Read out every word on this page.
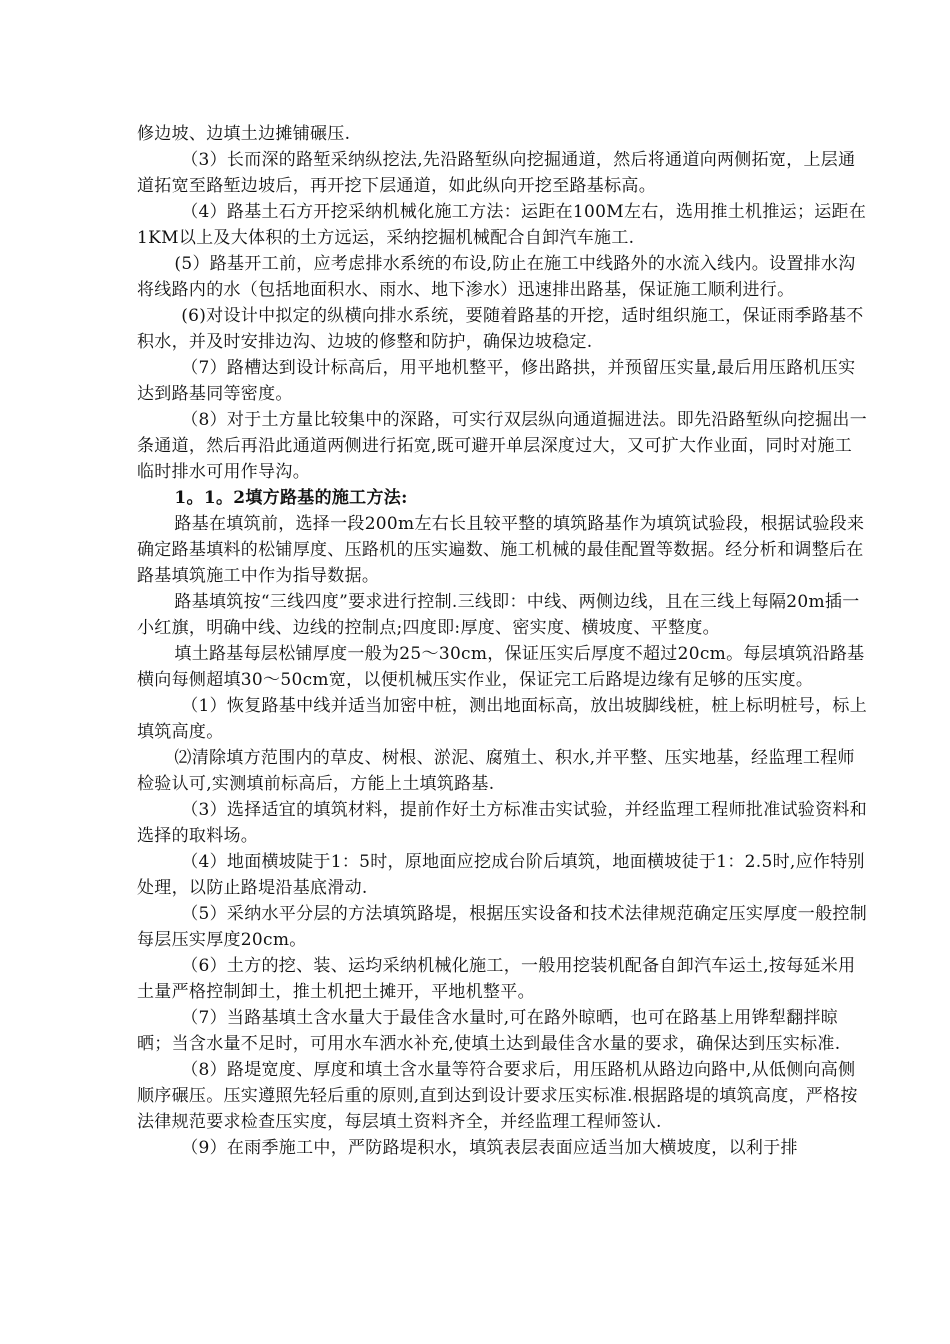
修边坡、边填土边摊铺碾压.

（3）长而深的路堑采纳纵挖法,先沿路堑纵向挖掘通道，然后将通道向两侧拓宽，上层通道拓宽至路堑边坡后，再开挖下层通道，如此纵向开挖至路基标高。

（4）路基土石方开挖采纳机械化施工方法：运距在100M左右，选用推土机推运；运距在1KM以上及大体积的土方远运，采纳挖掘机械配合自卸汽车施工.

(5）路基开工前，应考虑排水系统的布设,防止在施工中线路外的水流入线内。设置排水沟将线路内的水（包括地面积水、雨水、地下渗水）迅速排出路基，保证施工顺利进行。

(6)对设计中拟定的纵横向排水系统，要随着路基的开挖，适时组织施工，保证雨季路基不积水，并及时安排边沟、边坡的修整和防护，确保边坡稳定.

（7）路槽达到设计标高后，用平地机整平，修出路拱，并预留压实量,最后用压路机压实达到路基同等密度。

（8）对于土方量比较集中的深路，可实行双层纵向通道掘进法。即先沿路堑纵向挖掘出一条通道，然后再沿此通道两侧进行拓宽,既可避开单层深度过大，又可扩大作业面，同时对施工临时排水可用作导沟。

1。1。2填方路基的施工方法:

路基在填筑前，选择一段200m左右长且较平整的填筑路基作为填筑试验段，根据试验段来确定路基填料的松铺厚度、压路机的压实遍数、施工机械的最佳配置等数据。经分析和调整后在路基填筑施工中作为指导数据。

路基填筑按“三线四度”要求进行控制.三线即：中线、两侧边线，且在三线上每隔20m插一小红旗，明确中线、边线的控制点;四度即:厚度、密实度、横坡度、平整度。

填土路基每层松铺厚度一般为25～30cm，保证压实后厚度不超过20cm。每层填筑沿路基横向每侧超填30～50cm宽，以便机械压实作业，保证完工后路堤边缘有足够的压实度。

（1）恢复路基中线并适当加密中桩，测出地面标高，放出坡脚线桩，桩上标明桩号，标上填筑高度。

⑵清除填方范围内的草皮、树根、淤泥、腐殖土、积水,并平整、压实地基，经监理工程师检验认可,实测填前标高后，方能上土填筑路基.

（3）选择适宜的填筑材料，提前作好土方标准击实试验，并经监理工程师批准试验资料和选择的取料场。

（4）地面横坡陡于1：5时，原地面应挖成台阶后填筑，地面横坡徒于1：2.5时,应作特别处理，以防止路堤沿基底滑动.

（5）采纳水平分层的方法填筑路堤，根据压实设备和技术法律规范确定压实厚度一般控制每层压实厚度20cm。

（6）土方的挖、装、运均采纳机械化施工，一般用挖装机配备自卸汽车运土,按每延米用土量严格控制卸土，推土机把土摊开，平地机整平。

（7）当路基填土含水量大于最佳含水量时,可在路外晾晒，也可在路基上用铧犁翻拌晾晒；当含水量不足时，可用水车洒水补充,使填土达到最佳含水量的要求，确保达到压实标准.

（8）路堤宽度、厚度和填土含水量等符合要求后，用压路机从路边向路中,从低侧向高侧顺序碾压。压实遵照先轻后重的原则,直到达到设计要求压实标准.根据路堤的填筑高度，严格按法律规范要求检查压实度，每层填土资料齐全，并经监理工程师签认.

（9）在雨季施工中，严防路堤积水，填筑表层表面应适当加大横坡度，以利于排
